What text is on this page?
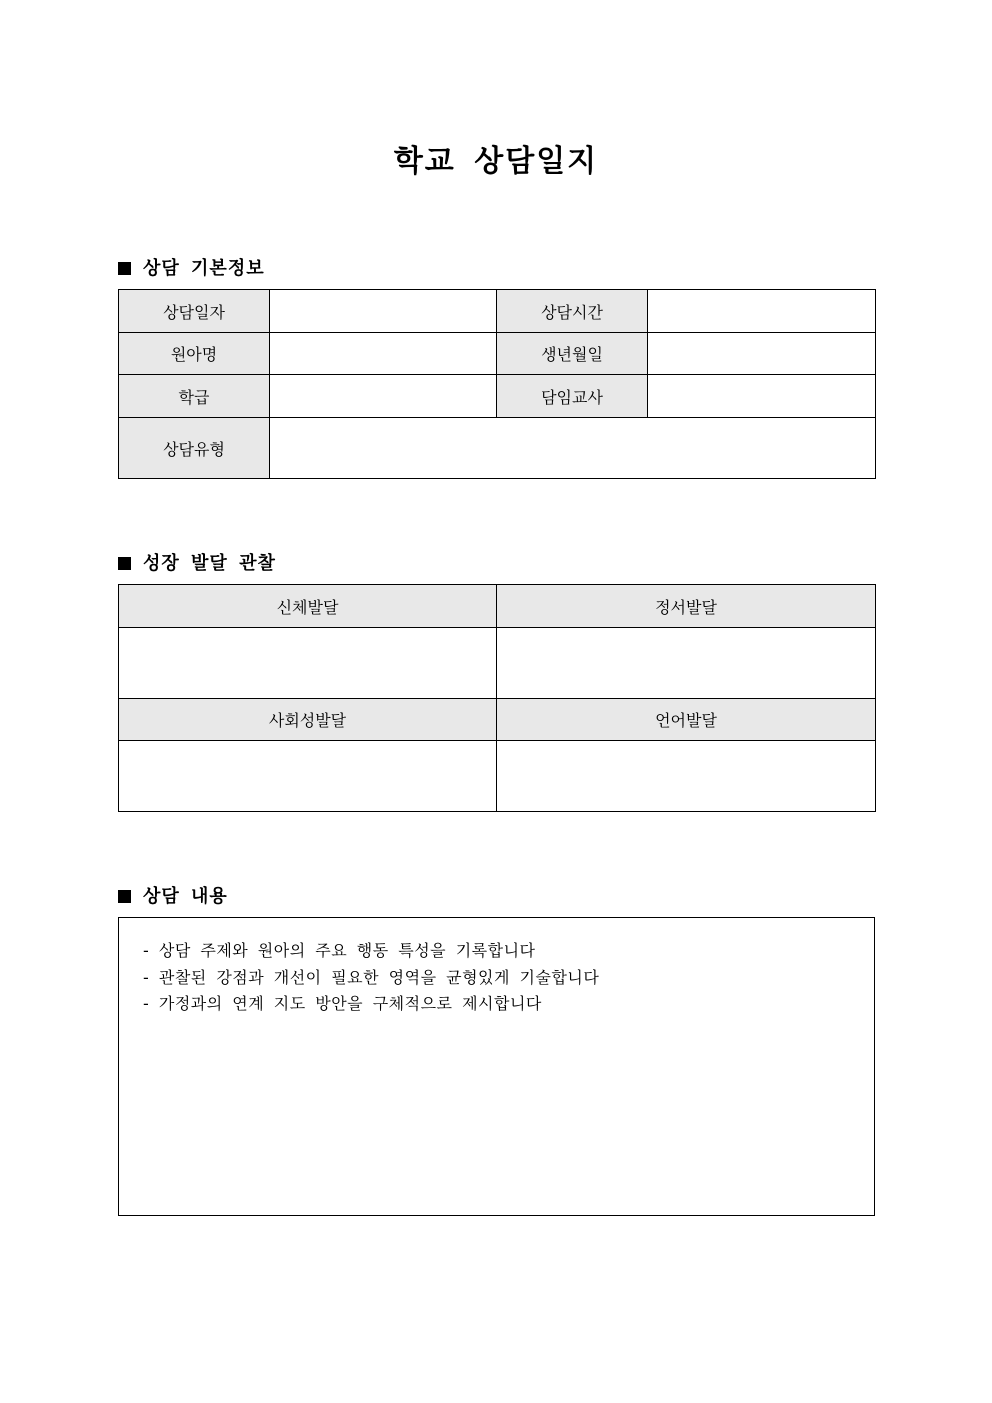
학교 상담일지
상담 기본정보
상담일자		상담시간	
원아명		생년월일	
학급		담임교사	
상담유형			
성장 발달 관찰
신체발달	정서발달

사회성발달	언어발달

상담 내용
- 상담 주제와 원아의 주요 행동 특성을 기록합니다
- 관찰된 강점과 개선이 필요한 영역을 균형있게 기술합니다
- 가정과의 연계 지도 방안을 구체적으로 제시합니다
